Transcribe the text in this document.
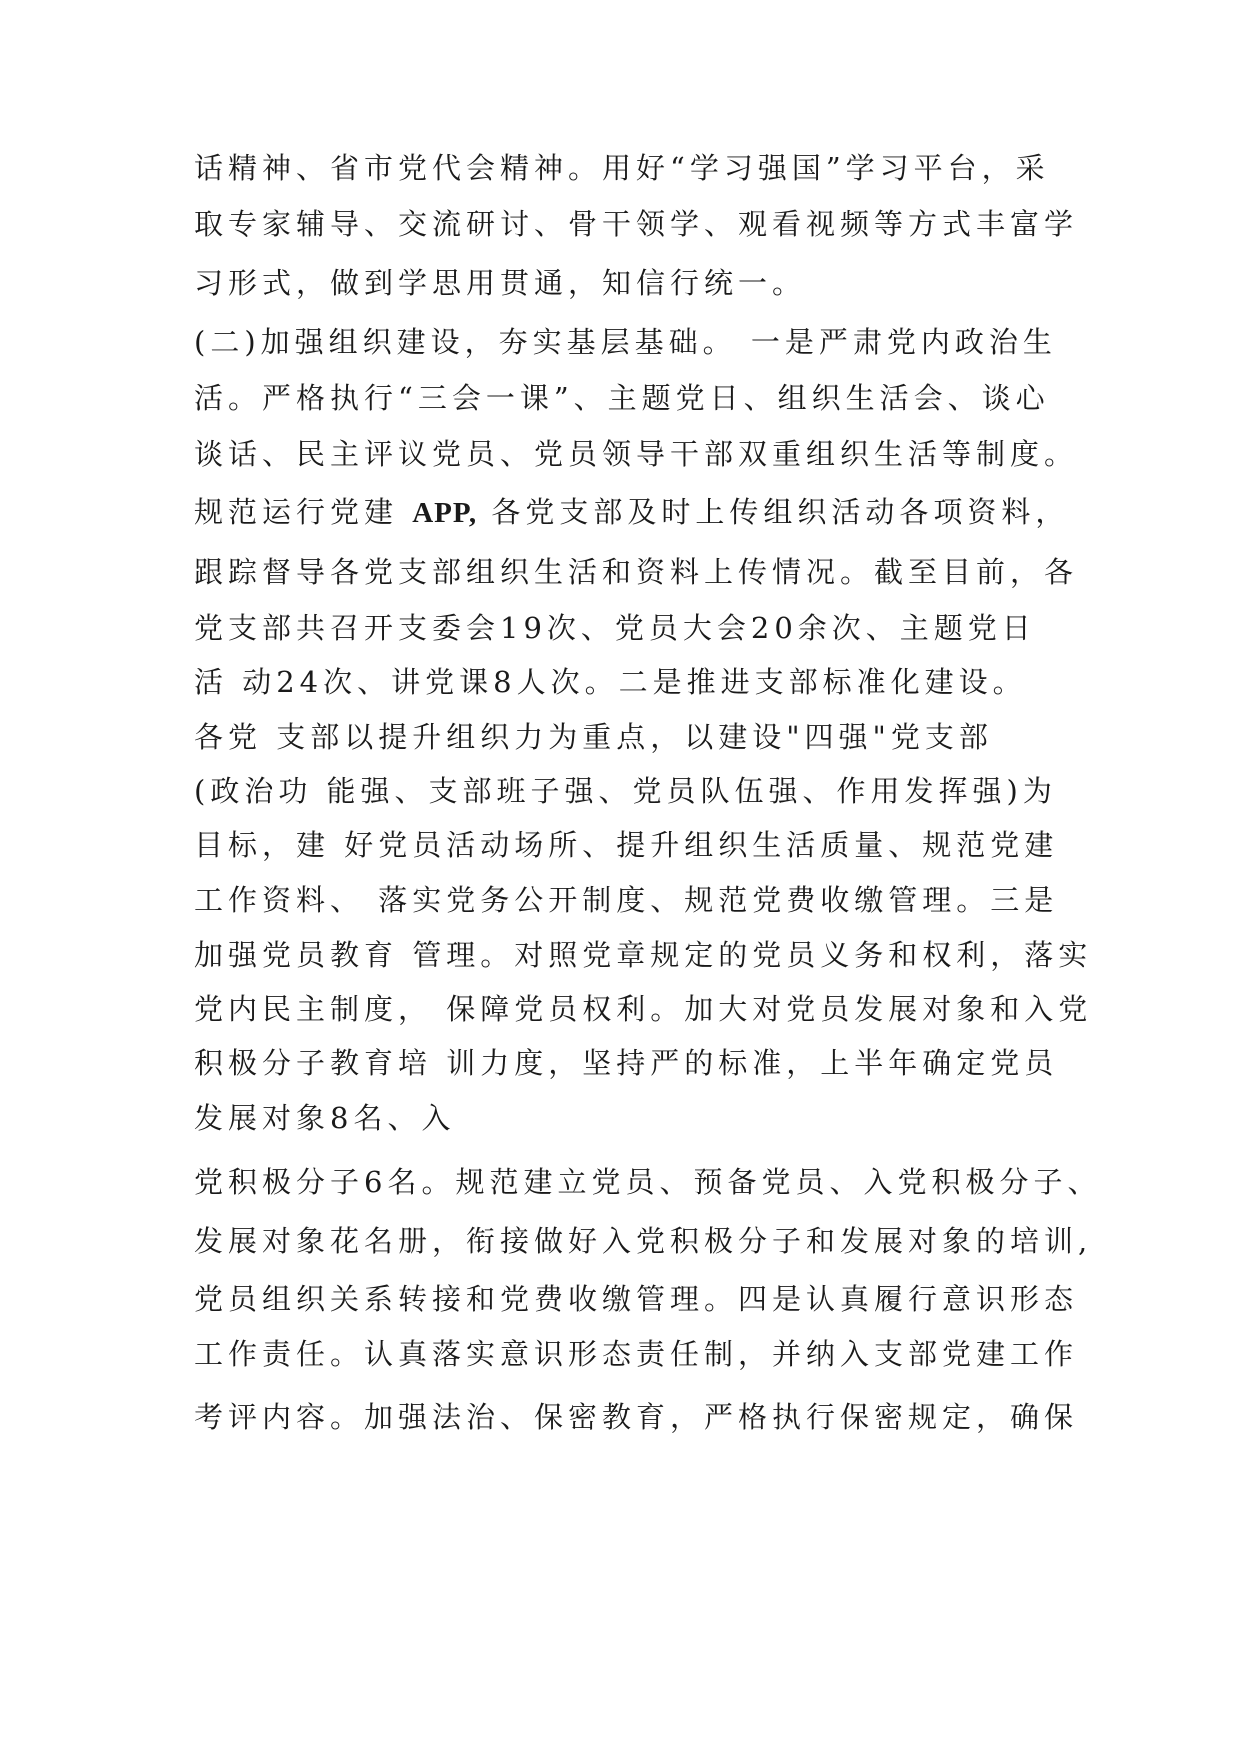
话精神、省市党代会精神。用好“学习强国”学习平台，采
取专家辅导、交流研讨、骨干领学、观看视频等方式丰富学
习形式，做到学思用贯通，知信行统一。
(二)加强组织建设，夯实基层基础。 一是严肃党内政治生
活。严格执行“三会一课”、主题党日、组织生活会、谈心
谈话、民主评议党员、党员领导干部双重组织生活等制度。
规范运行党建 APP, 各党支部及时上传组织活动各项资料，
跟踪督导各党支部组织生活和资料上传情况。截至目前，各
党支部共召开支委会19次、党员大会20余次、主题党日
活 动24次、讲党课8人次。二是推进支部标准化建设。
各党 支部以提升组织力为重点，以建设"四强"党支部
(政治功 能强、支部班子强、党员队伍强、作用发挥强)为
目标，建 好党员活动场所、提升组织生活质量、规范党建
工作资料、 落实党务公开制度、规范党费收缴管理。三是
加强党员教育 管理。对照党章规定的党员义务和权利，落实
党内民主制度， 保障党员权利。加大对党员发展对象和入党
积极分子教育培 训力度，坚持严的标准，上半年确定党员
发展对象8名、入
党积极分子6名。规范建立党员、预备党员、入党积极分子、
发展对象花名册，衔接做好入党积极分子和发展对象的培训,
党员组织关系转接和党费收缴管理。四是认真履行意识形态
工作责任。认真落实意识形态责任制，并纳入支部党建工作
考评内容。加强法治、保密教育，严格执行保密规定，确保
